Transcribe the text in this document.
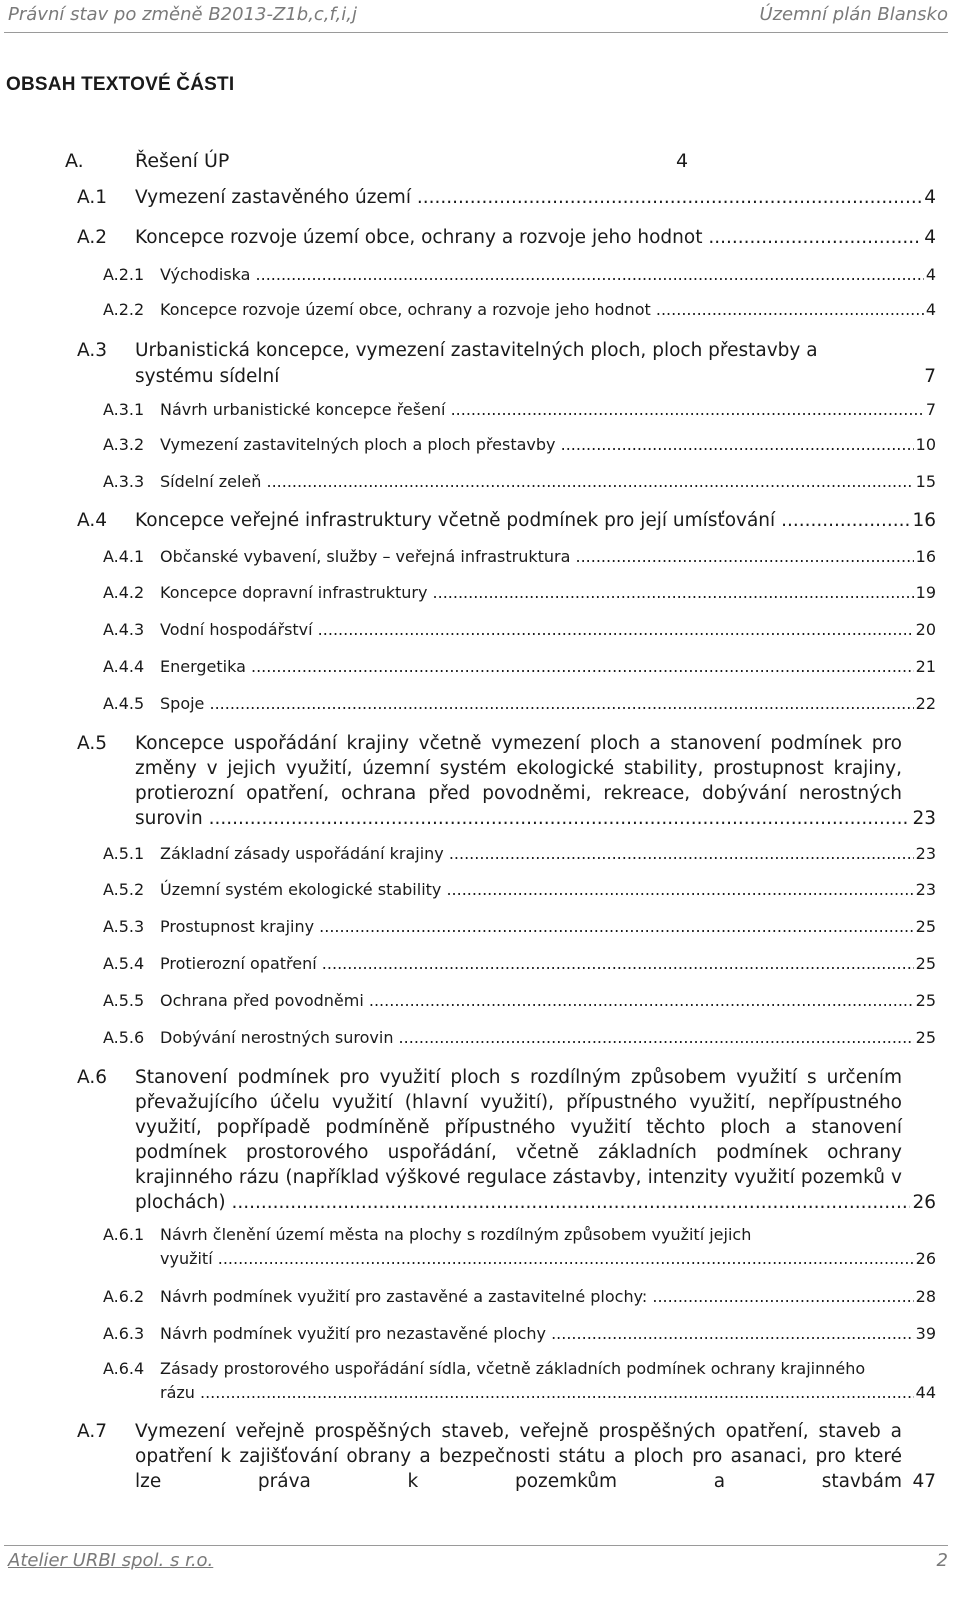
Právní stav po změně B2013-Z1b,c,f,i,j	Územní plán Blansko
OBSAH TEXTOVÉ ČÁSTI
A.	Řešení ÚP	4
A.1 Vymezení zastavěného území .....	4
A.2 Koncepce rozvoje území obce, ochrany a rozvoje jeho hodnot .....	4
A.2.1 Východiska .....	4
A.2.2 Koncepce rozvoje území obce, ochrany a rozvoje jeho hodnot .....	4
A.3 Urbanistická koncepce, vymezení zastavitelných ploch, ploch přestavby a systému sídelní .....	7
A.3.1 Návrh urbanistické koncepce řešení .....	7
A.3.2 Vymezení zastavitelných ploch a ploch přestavby .....	10
A.3.3 Sídelní zeleň .....	15
A.4 Koncepce veřejné infrastruktury včetně podmínek pro její umísťování .....	16
A.4.1 Občanské vybavení, služby – veřejná infrastruktura .....	16
A.4.2 Koncepce dopravní infrastruktury .....	19
A.4.3 Vodní hospodářství .....	20
A.4.4 Energetika .....	21
A.4.5 Spoje .....	22
A.5 Koncepce uspořádání krajiny včetně vymezení ploch a stanovení podmínek pro změny v jejich využití, územní systém ekologické stability, prostupnost krajiny, protierozní opatření, ochrana před povodněmi, rekreace, dobývání nerostných surovin .....	23
A.5.1 Základní zásady uspořádání krajiny .....	23
A.5.2 Územní systém ekologické stability .....	23
A.5.3 Prostupnost krajiny .....	25
A.5.4 Protierozní opatření .....	25
A.5.5 Ochrana před povodněmi .....	25
A.5.6 Dobývání nerostných surovin .....	25
A.6 Stanovení podmínek pro využití ploch s rozdílným způsobem využití s určením převažujícího účelu využití (hlavní využití), přípustného využití, nepřípustného využití, popřípadě podmíněně přípustného využití těchto ploch a stanovení podmínek prostorového uspořádání, včetně základních podmínek ochrany krajinného rázu (například výškové regulace zástavby, intenzity využití pozemků v plochách) .....	26
A.6.1 Návrh členění území města na plochy s rozdílným způsobem využití jejich využití .....	26
A.6.2 Návrh podmínek využití pro zastavěné a zastavitelné plochy: .....	28
A.6.3 Návrh podmínek využití pro nezastavěné plochy .....	39
A.6.4 Zásady prostorového uspořádání sídla, včetně základních podmínek ochrany krajinného rázu .....	44
A.7 Vymezení veřejně prospěšných staveb, veřejně prospěšných opatření, staveb a opatření k zajišťování obrany a bezpečnosti státu a ploch pro asanaci, pro které lze práva k pozemkům a stavbám ..... 47
Atelier URBI spol. s r.o.	2
